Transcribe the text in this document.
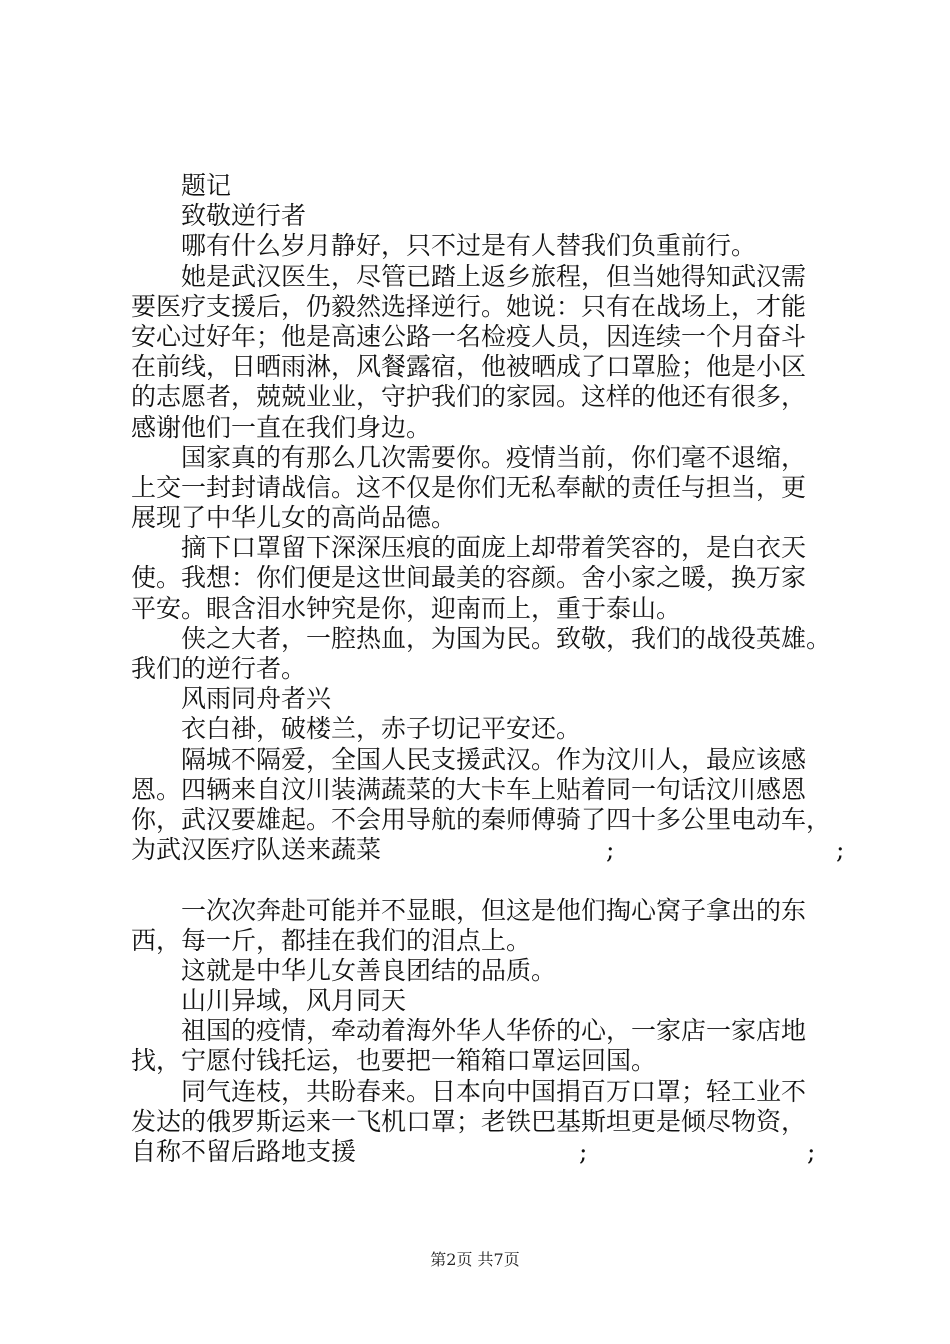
题记
致敬逆行者
哪有什么岁月静好，只不过是有人替我们负重前行。
她是武汉医生，尽管已踏上返乡旅程，但当她得知武汉需
要医疗支援后，仍毅然选择逆行。她说：只有在战场上，才能
安心过好年；他是高速公路一名检疫人员，因连续一个月奋斗
在前线，日晒雨淋，风餐露宿，他被晒成了口罩脸；他是小区
的志愿者，兢兢业业，守护我们的家园。这样的他还有很多，
感谢他们一直在我们身边。
国家真的有那么几次需要你。疫情当前，你们毫不退缩，
上交一封封请战信。这不仅是你们无私奉献的责任与担当，更
展现了中华儿女的高尚品德。
摘下口罩留下深深压痕的面庞上却带着笑容的，是白衣天
使。我想：你们便是这世间最美的容颜。舍小家之暖，换万家
平安。眼含泪水钟究是你，迎南而上，重于泰山。
侠之大者，一腔热血，为国为民。致敬，我们的战役英雄。
我们的逆行者。
风雨同舟者兴
衣白褂，破楼兰，赤子切记平安还。
隔城不隔爱，全国人民支援武汉。作为汶川人，最应该感
恩。四辆来自汶川装满蔬菜的大卡车上贴着同一句话汶川感恩
你，武汉要雄起。不会用导航的秦师傅骑了四十多公里电动车，
为武汉医疗队送来蔬菜	;	;
一次次奔赴可能并不显眼，但这是他们掏心窝子拿出的东
西，每一斤，都挂在我们的泪点上。
这就是中华儿女善良团结的品质。
山川异域，风月同天
祖国的疫情，牵动着海外华人华侨的心，一家店一家店地
找，宁愿付钱托运，也要把一箱箱口罩运回国。
同气连枝，共盼春来。日本向中国捐百万口罩；轻工业不
发达的俄罗斯运来一飞机口罩；老铁巴基斯坦更是倾尽物资，
自称不留后路地支援	;	;
第2页 共7页
